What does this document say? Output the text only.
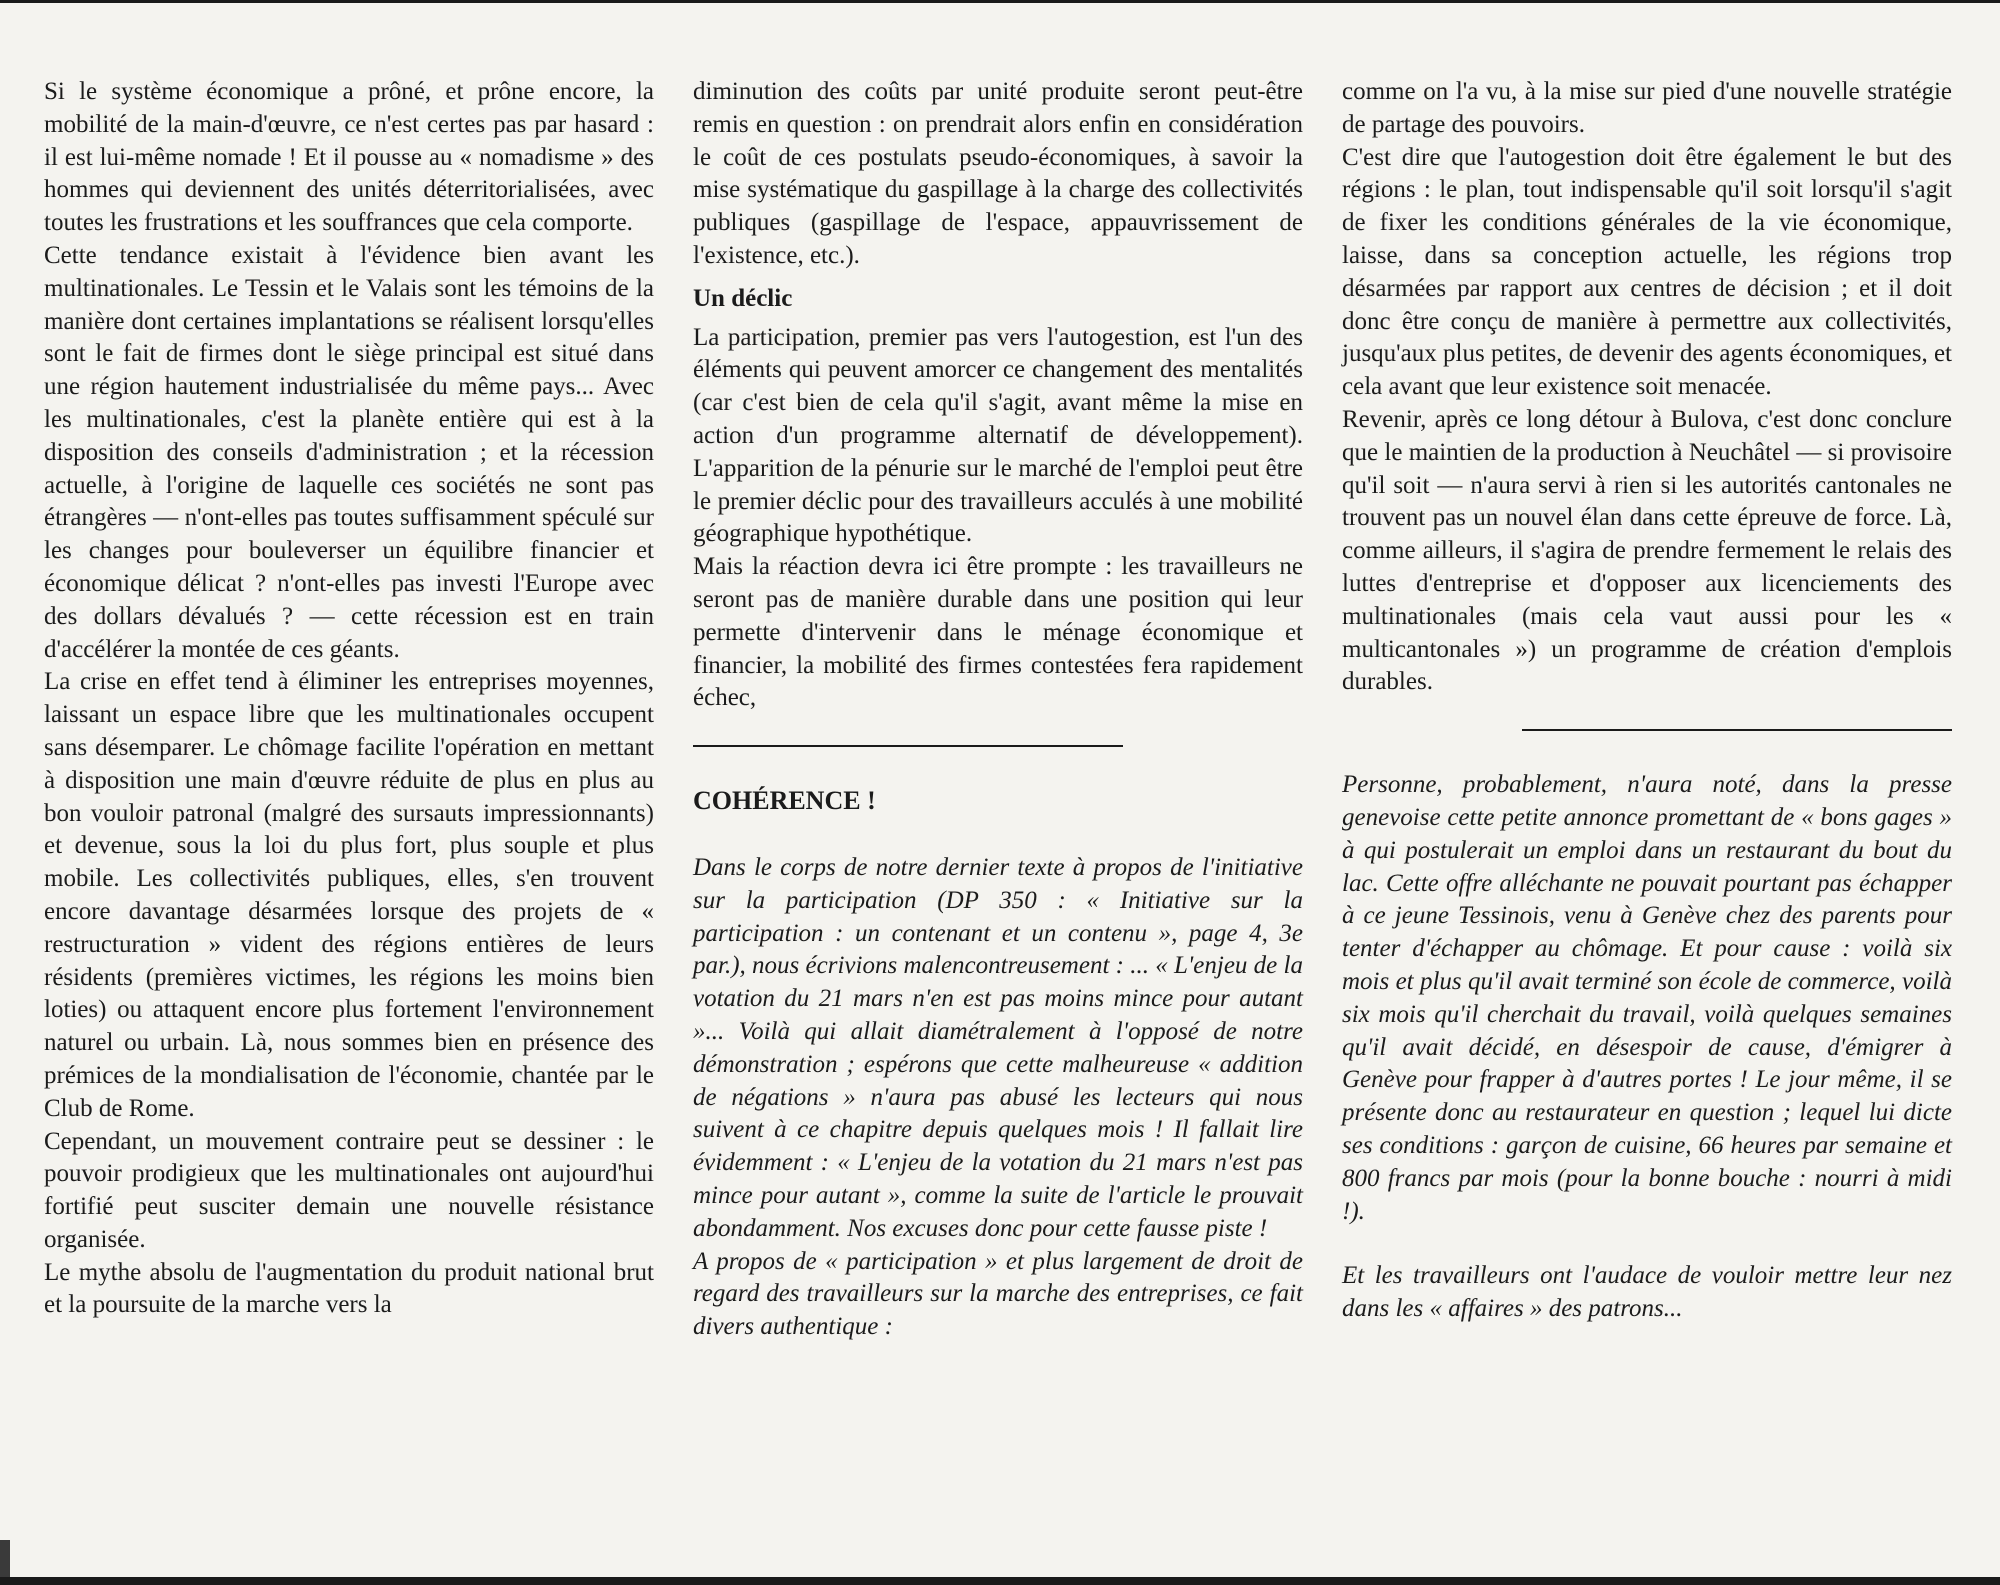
Si le système économique a prôné, et prône encore, la mobilité de la main-d'œuvre, ce n'est certes pas par hasard : il est lui-même nomade ! Et il pousse au « nomadisme » des hommes qui deviennent des unités déterritorialisées, avec toutes les frustrations et les souffrances que cela comporte.

Cette tendance existait à l'évidence bien avant les multinationales. Le Tessin et le Valais sont les témoins de la manière dont certaines implantations se réalisent lorsqu'elles sont le fait de firmes dont le siège principal est situé dans une région hautement industrialisée du même pays... Avec les multinationales, c'est la planète entière qui est à la disposition des conseils d'administration ; et la récession actuelle, à l'origine de laquelle ces sociétés ne sont pas étrangères — n'ont-elles pas toutes suffisamment spéculé sur les changes pour bouleverser un équilibre financier et économique délicat ? n'ont-elles pas investi l'Europe avec des dollars dévalués ? — cette récession est en train d'accélérer la montée de ces géants.

La crise en effet tend à éliminer les entreprises moyennes, laissant un espace libre que les multinationales occupent sans désemparer. Le chômage facilite l'opération en mettant à disposition une main d'œuvre réduite de plus en plus au bon vouloir patronal (malgré des sursauts impressionnants) et devenue, sous la loi du plus fort, plus souple et plus mobile. Les collectivités publiques, elles, s'en trouvent encore davantage désarmées lorsque des projets de « restructuration » vident des régions entières de leurs résidents (premières victimes, les régions les moins bien loties) ou attaquent encore plus fortement l'environnement naturel ou urbain. Là, nous sommes bien en présence des prémices de la mondialisation de l'économie, chantée par le Club de Rome.

Cependant, un mouvement contraire peut se dessiner : le pouvoir prodigieux que les multinationales ont aujourd'hui fortifié peut susciter demain une nouvelle résistance organisée.

Le mythe absolu de l'augmentation du produit national brut et la poursuite de la marche vers la

diminution des coûts par unité produite seront peut-être remis en question : on prendrait alors enfin en considération le coût de ces postulats pseudo-économiques, à savoir la mise systématique du gaspillage à la charge des collectivités publiques (gaspillage de l'espace, appauvrissement de l'existence, etc.).

Un déclic

La participation, premier pas vers l'autogestion, est l'un des éléments qui peuvent amorcer ce changement des mentalités (car c'est bien de cela qu'il s'agit, avant même la mise en action d'un programme alternatif de développement). L'apparition de la pénurie sur le marché de l'emploi peut être le premier déclic pour des travailleurs acculés à une mobilité géographique hypothétique.

Mais la réaction devra ici être prompte : les travailleurs ne seront pas de manière durable dans une position qui leur permette d'intervenir dans le ménage économique et financier, la mobilité des firmes contestées fera rapidement échec,

COHÉRENCE !

Dans le corps de notre dernier texte à propos de l'initiative sur la participation (DP 350 : « Initiative sur la participation : un contenant et un contenu », page 4, 3e par.), nous écrivions malencontreusement : ... « L'enjeu de la votation du 21 mars n'en est pas moins mince pour autant »... Voilà qui allait diamétralement à l'opposé de notre démonstration ; espérons que cette malheureuse « addition de négations » n'aura pas abusé les lecteurs qui nous suivent à ce chapitre depuis quelques mois ! Il fallait lire évidemment : « L'enjeu de la votation du 21 mars n'est pas mince pour autant », comme la suite de l'article le prouvait abondamment. Nos excuses donc pour cette fausse piste !

A propos de « participation » et plus largement de droit de regard des travailleurs sur la marche des entreprises, ce fait divers authentique :

comme on l'a vu, à la mise sur pied d'une nouvelle stratégie de partage des pouvoirs.

C'est dire que l'autogestion doit être également le but des régions : le plan, tout indispensable qu'il soit lorsqu'il s'agit de fixer les conditions générales de la vie économique, laisse, dans sa conception actuelle, les régions trop désarmées par rapport aux centres de décision ; et il doit donc être conçu de manière à permettre aux collectivités, jusqu'aux plus petites, de devenir des agents économiques, et cela avant que leur existence soit menacée.

Revenir, après ce long détour à Bulova, c'est donc conclure que le maintien de la production à Neuchâtel — si provisoire qu'il soit — n'aura servi à rien si les autorités cantonales ne trouvent pas un nouvel élan dans cette épreuve de force. Là, comme ailleurs, il s'agira de prendre fermement le relais des luttes d'entreprise et d'opposer aux licenciements des multinationales (mais cela vaut aussi pour les « multicantonales ») un programme de création d'emplois durables.

Personne, probablement, n'aura noté, dans la presse genevoise cette petite annonce promettant de « bons gages » à qui postulerait un emploi dans un restaurant du bout du lac. Cette offre alléchante ne pouvait pourtant pas échapper à ce jeune Tessinois, venu à Genève chez des parents pour tenter d'échapper au chômage. Et pour cause : voilà six mois et plus qu'il avait terminé son école de commerce, voilà six mois qu'il cherchait du travail, voilà quelques semaines qu'il avait décidé, en désespoir de cause, d'émigrer à Genève pour frapper à d'autres portes ! Le jour même, il se présente donc au restaurateur en question ; lequel lui dicte ses conditions : garçon de cuisine, 66 heures par semaine et 800 francs par mois (pour la bonne bouche : nourri à midi !).

Et les travailleurs ont l'audace de vouloir mettre leur nez dans les « affaires » des patrons...
